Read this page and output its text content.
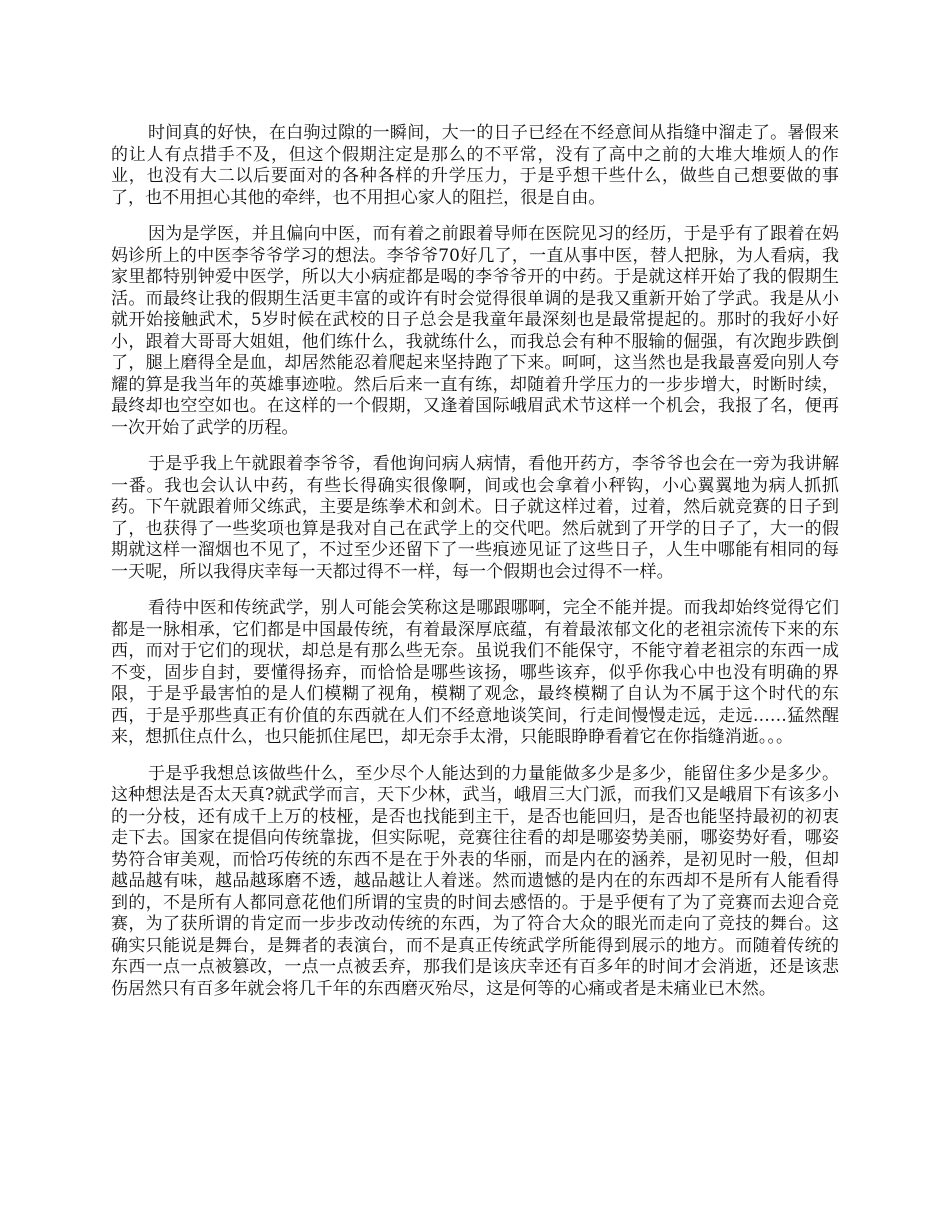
时间真的好快，在白驹过隙的一瞬间，大一的日子已经在不经意间从指缝中溜走了。暑假来的让人有点措手不及，但这个假期注定是那么的不平常，没有了高中之前的大堆大堆烦人的作业，也没有大二以后要面对的各种各样的升学压力，于是乎想干些什么，做些自己想要做的事了，也不用担心其他的牵绊，也不用担心家人的阻拦，很是自由。

因为是学医，并且偏向中医，而有着之前跟着导师在医院见习的经历，于是乎有了跟着在妈妈诊所上的中医李爷爷学习的想法。李爷爷70好几了，一直从事中医，替人把脉，为人看病，我家里都特别钟爱中医学，所以大小病症都是喝的李爷爷开的中药。于是就这样开始了我的假期生活。而最终让我的假期生活更丰富的或许有时会觉得很单调的是我又重新开始了学武。我是从小就开始接触武术，5岁时候在武校的日子总会是我童年最深刻也是最常提起的。那时的我好小好小，跟着大哥哥大姐姐，他们练什么，我就练什么，而我总会有种不服输的倔强，有次跑步跌倒了，腿上磨得全是血，却居然能忍着爬起来坚持跑了下来。呵呵，这当然也是我最喜爱向别人夸耀的算是我当年的英雄事迹啦。然后后来一直有练，却随着升学压力的一步步增大，时断时续，最终却也空空如也。在这样的一个假期，又逢着国际峨眉武术节这样一个机会，我报了名，便再一次开始了武学的历程。

于是乎我上午就跟着李爷爷，看他询问病人病情，看他开药方，李爷爷也会在一旁为我讲解一番。我也会认认中药，有些长得确实很像啊，间或也会拿着小秤钩，小心翼翼地为病人抓抓药。下午就跟着师父练武，主要是练拳术和剑术。日子就这样过着，过着，然后就竞赛的日子到了，也获得了一些奖项也算是我对自己在武学上的交代吧。然后就到了开学的日子了，大一的假期就这样一溜烟也不见了，不过至少还留下了一些痕迹见证了这些日子，人生中哪能有相同的每一天呢，所以我得庆幸每一天都过得不一样，每一个假期也会过得不一样。

看待中医和传统武学，别人可能会笑称这是哪跟哪啊，完全不能并提。而我却始终觉得它们都是一脉相承，它们都是中国最传统，有着最深厚底蕴，有着最浓郁文化的老祖宗流传下来的东西，而对于它们的现状，却总是有那么些无奈。虽说我们不能保守，不能守着老祖宗的东西一成不变，固步自封，要懂得扬弃，而恰恰是哪些该扬，哪些该弃，似乎你我心中也没有明确的界限，于是乎最害怕的是人们模糊了视角，模糊了观念，最终模糊了自认为不属于这个时代的东西，于是乎那些真正有价值的东西就在人们不经意地谈笑间，行走间慢慢走远，走远……猛然醒来，想抓住点什么，也只能抓住尾巴，却无奈手太滑，只能眼睁睁看着它在你指缝消逝。。。

于是乎我想总该做些什么，至少尽个人能达到的力量能做多少是多少，能留住多少是多少。这种想法是否太天真?就武学而言，天下少林，武当，峨眉三大门派，而我们又是峨眉下有该多小的一分枝，还有成千上万的枝桠，是否也找能到主干，是否也能回归，是否也能坚持最初的初衷走下去。国家在提倡向传统靠拢，但实际呢，竞赛往往看的却是哪姿势美丽，哪姿势好看，哪姿势符合审美观，而恰巧传统的东西不是在于外表的华丽，而是内在的涵养，是初见时一般，但却越品越有味，越品越琢磨不透，越品越让人着迷。然而遗憾的是内在的东西却不是所有人能看得到的，不是所有人都同意花他们所谓的宝贵的时间去感悟的。于是乎便有了为了竞赛而去迎合竞赛，为了获所谓的肯定而一步步改动传统的东西，为了符合大众的眼光而走向了竞技的舞台。这确实只能说是舞台，是舞者的表演台，而不是真正传统武学所能得到展示的地方。而随着传统的东西一点一点被篡改，一点一点被丢弃，那我们是该庆幸还有百多年的时间才会消逝，还是该悲伤居然只有百多年就会将几千年的东西磨灭殆尽，这是何等的心痛或者是未痛业已木然。
